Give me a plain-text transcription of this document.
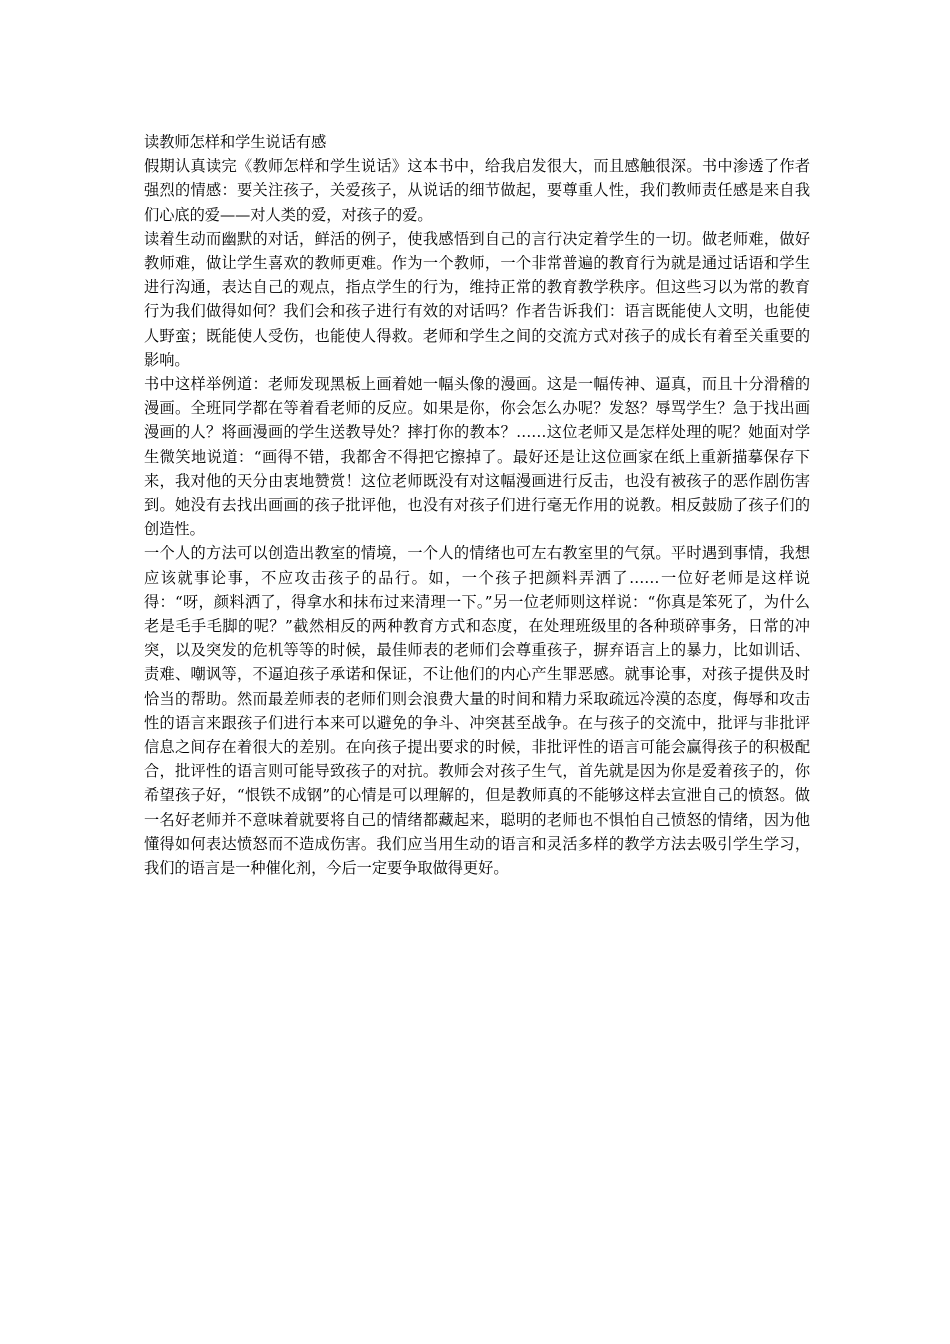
读教师怎样和学生说话有感

假期认真读完《教师怎样和学生说话》这本书中，给我启发很大，而且感触很深。书中渗透了作者强烈的情感：要关注孩子，关爱孩子，从说话的细节做起，要尊重人性，我们教师责任感是来自我们心底的爱——对人类的爱，对孩子的爱。

读着生动而幽默的对话，鲜活的例子，使我感悟到自己的言行决定着学生的一切。做老师难，做好教师难，做让学生喜欢的教师更难。作为一个教师，一个非常普遍的教育行为就是通过话语和学生进行沟通，表达自己的观点，指点学生的行为，维持正常的教育教学秩序。但这些习以为常的教育行为我们做得如何？我们会和孩子进行有效的对话吗？作者告诉我们：语言既能使人文明，也能使人野蛮；既能使人受伤，也能使人得救。老师和学生之间的交流方式对孩子的成长有着至关重要的影响。

书中这样举例道：老师发现黑板上画着她一幅头像的漫画。这是一幅传神、逼真，而且十分滑稽的漫画。全班同学都在等着看老师的反应。如果是你，你会怎么办呢？发怒？辱骂学生？急于找出画漫画的人？将画漫画的学生送教导处？摔打你的教本？……这位老师又是怎样处理的呢？她面对学生微笑地说道：“画得不错，我都舍不得把它擦掉了。最好还是让这位画家在纸上重新描摹保存下来，我对他的天分由衷地赞赏！这位老师既没有对这幅漫画进行反击，也没有被孩子的恶作剧伤害到。她没有去找出画画的孩子批评他，也没有对孩子们进行毫无作用的说教。相反鼓励了孩子们的创造性。

一个人的方法可以创造出教室的情境，一个人的情绪也可左右教室里的气氛。平时遇到事情，我想应该就事论事，不应攻击孩子的品行。如，一个孩子把颜料弄洒了……一位好老师是这样说得：“呀，颜料洒了，得拿水和抹布过来清理一下。”另一位老师则这样说：“你真是笨死了，为什么老是毛手毛脚的呢？”截然相反的两种教育方式和态度，在处理班级里的各种琐碎事务，日常的冲突，以及突发的危机等等的时候，最佳师表的老师们会尊重孩子，摒弃语言上的暴力，比如训话、责难、嘲讽等，不逼迫孩子承诺和保证，不让他们的内心产生罪恶感。就事论事，对孩子提供及时恰当的帮助。然而最差师表的老师们则会浪费大量的时间和精力采取疏远冷漠的态度，侮辱和攻击性的语言来跟孩子们进行本来可以避免的争斗、冲突甚至战争。在与孩子的交流中，批评与非批评信息之间存在着很大的差别。在向孩子提出要求的时候，非批评性的语言可能会赢得孩子的积极配合，批评性的语言则可能导致孩子的对抗。教师会对孩子生气，首先就是因为你是爱着孩子的，你希望孩子好，“恨铁不成钢”的心情是可以理解的，但是教师真的不能够这样去宣泄自己的愤怒。做一名好老师并不意味着就要将自己的情绪都藏起来，聪明的老师也不惧怕自己愤怒的情绪，因为他懂得如何表达愤怒而不造成伤害。我们应当用生动的语言和灵活多样的教学方法去吸引学生学习，我们的语言是一种催化剂，今后一定要争取做得更好。
